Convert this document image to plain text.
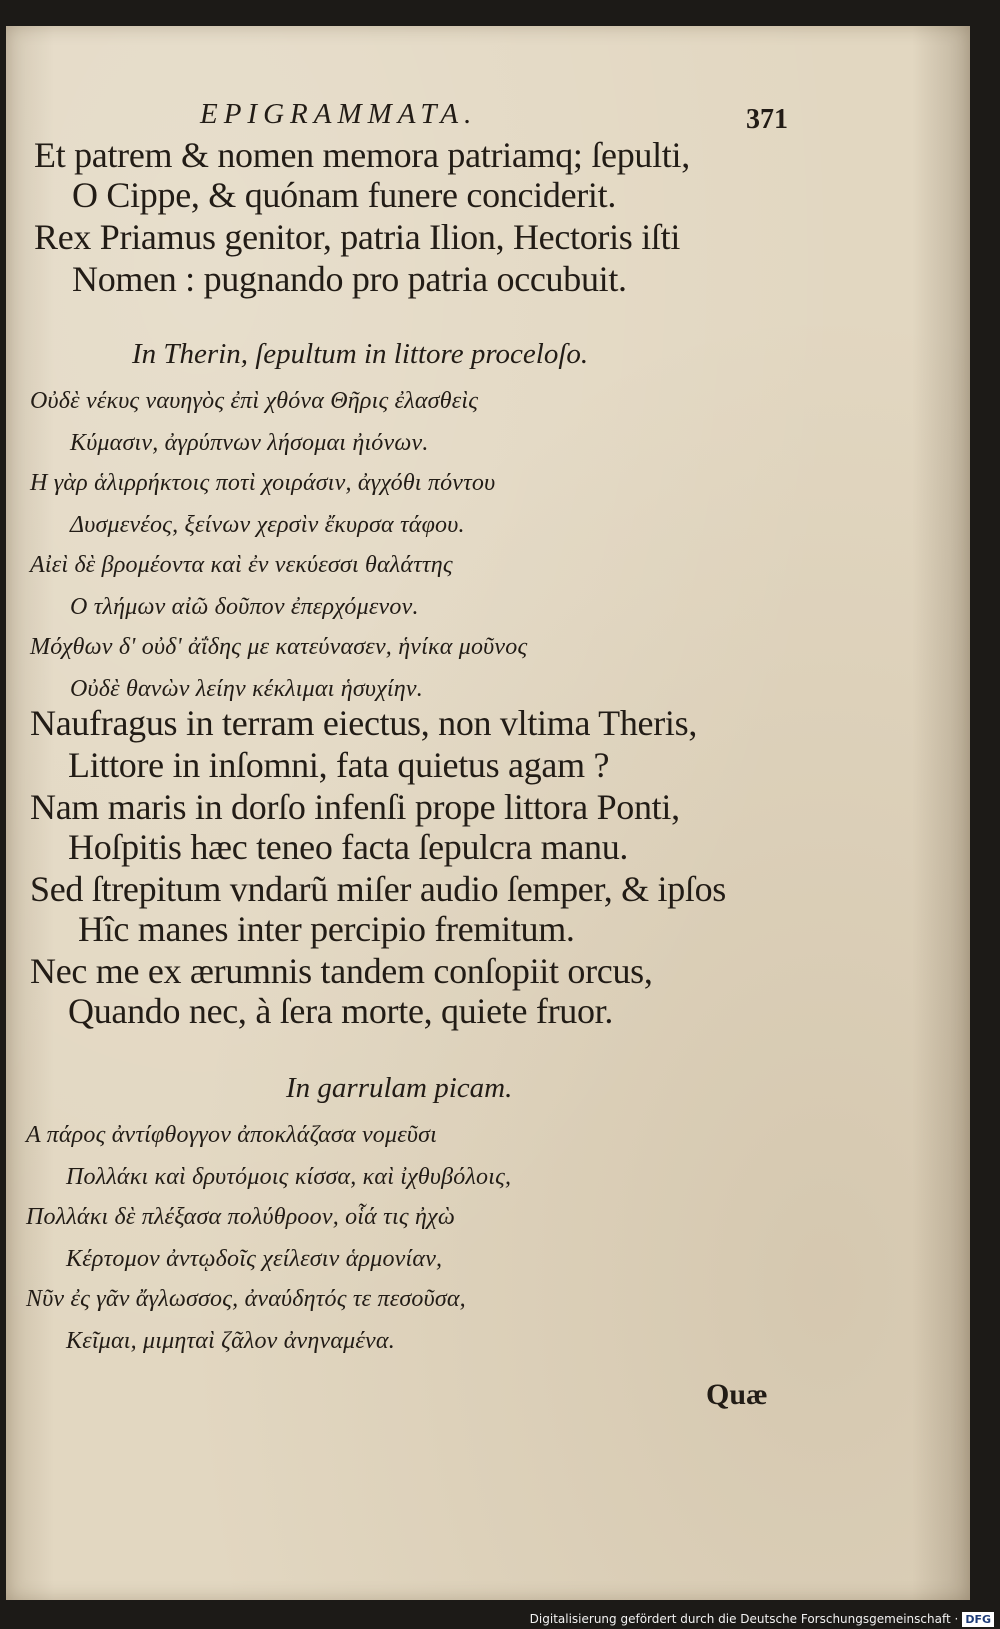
EPIGRAMMATA.	371
Et patrem & nomen memora patriamq; ſepulti,
O Cippe, & quónam funere conciderit.
Rex Priamus genitor, patria Ilion, Hectoris iſti
Nomen : pugnando pro patria occubuit.
In Therin, ſepultum in littore proceloſo.
Οὐδὲ νέκυς ναυηγὸς ἐπὶ χθόνα Θῆρις ἐλασθεὶς
Κύμασιν, ἀγρύπνων λήσομαι ἠιόνων.
Η γὰρ ἁλιρρήκτοις ποτὶ χοιράσιν, ἀγχόθι πόντου
Δυσμενέος, ξείνων χερσὶν ἔκυρσα τάφου.
Αἰεὶ δὲ βρομέοντα καὶ ἐν νεκύεσσι θαλάττης
Ο τλήμων αἰῶ δοῦπον ἐπερχόμενον.
Μόχθων δ' οὐδ' ἀΐδης με κατεύνασεν, ἡνίκα μοῦνος
Οὐδὲ θανὼν λείην κέκλιμαι ἡσυχίην.
Naufragus in terram eiectus, non vltima Theris,
Littore in inſomni, fata quietus agam ?
Nam maris in dorſo infenſi prope littora Ponti,
Hoſpitis hæc teneo facta ſepulcra manu.
Sed ſtrepitum vndarũ miſer audio ſemper, & ipſos
Hîc manes inter percipio fremitum.
Nec me ex ærumnis tandem conſopiit orcus,
Quando nec, à ſera morte, quiete fruor.
In garrulam picam.
Α πάρος ἀντίφθογγον ἀποκλάζασα νομεῦσι
Πολλάκι καὶ δρυτόμοις κίσσα, καὶ ἰχθυβόλοις,
Πολλάκι δὲ πλέξασα πολύθροον, οἷά τις ἠχὼ
Κέρτομον ἀντῳδοῖς χείλεσιν ἁρμονίαν,
Νῦν ἐς γᾶν ἄγλωσσος, ἀναύδητός τε πεσοῦσα,
Κεῖμαι, μιμηταὶ ζᾶλον ἀνηναμένα.
Quæ
Digitalisierung gefördert durch die Deutsche Forschungsgemeinschaft · DFG
